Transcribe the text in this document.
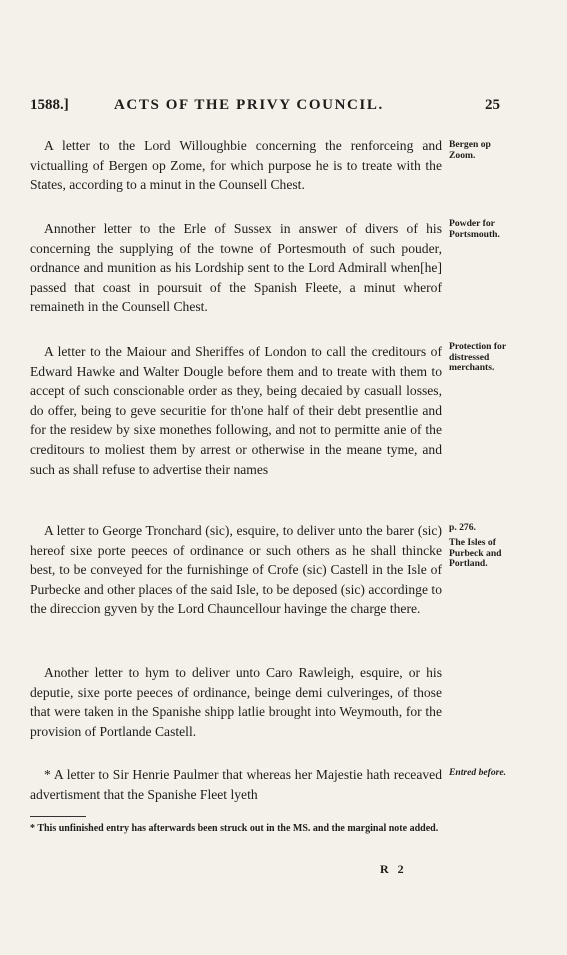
1588.]	ACTS OF THE PRIVY COUNCIL.	25

A letter to the Lord Willoughbie concerning the renforceing and victualling of Bergen op Zome, for which purpose he is to treate with the States, according to a minut in the Counsell Chest.

Bergen op Zoom.

Annother letter to the Erle of Sussex in answer of divers of his concerning the supplying of the towne of Portesmouth of such pouder, ordnance and munition as his Lordship sent to the Lord Admirall when[he] passed that coast in poursuit of the Spanish Fleete, a minut wherof remaineth in the Counsell Chest.

Powder for Portsmouth.

A letter to the Maiour and Sheriffes of London to call the creditours of Edward Hawke and Walter Dougle before them and to treate with them to accept of such conscionable order as they, being decaied by casuall losses, do offer, being to geve securitie for th'one half of their debt presentlie and for the residew by sixe monethes following, and not to permitte anie of the creditours to moliest them by arrest or otherwise in the meane tyme, and such as shall refuse to advertise their names

Protection for distressed merchants.

A letter to George Tronchard (sic), esquire, to deliver unto the barer (sic) hereof sixe porte peeces of ordinance or such others as he shall thincke best, to be conveyed for the furnishinge of Crofe (sic) Castell in the Isle of Purbecke and other places of the said Isle, to be deposed (sic) accordinge to the direccion gyven by the Lord Chauncellour havinge the charge there.

p. 276.
The Isles of Purbeck and Portland.

Another letter to hym to deliver unto Caro Rawleigh, esquire, or his deputie, sixe porte peeces of ordinance, beinge demi culveringes, of those that were taken in the Spanishe shipp latlie brought into Weymouth, for the provision of Portlande Castell.

* A letter to Sir Henrie Paulmer that whereas her Majestie hath receaved advertisment that the Spanishe Fleet lyeth

Entred before.
* This unfinished entry has afterwards been struck out in the MS. and the marginal note added.
R 2
